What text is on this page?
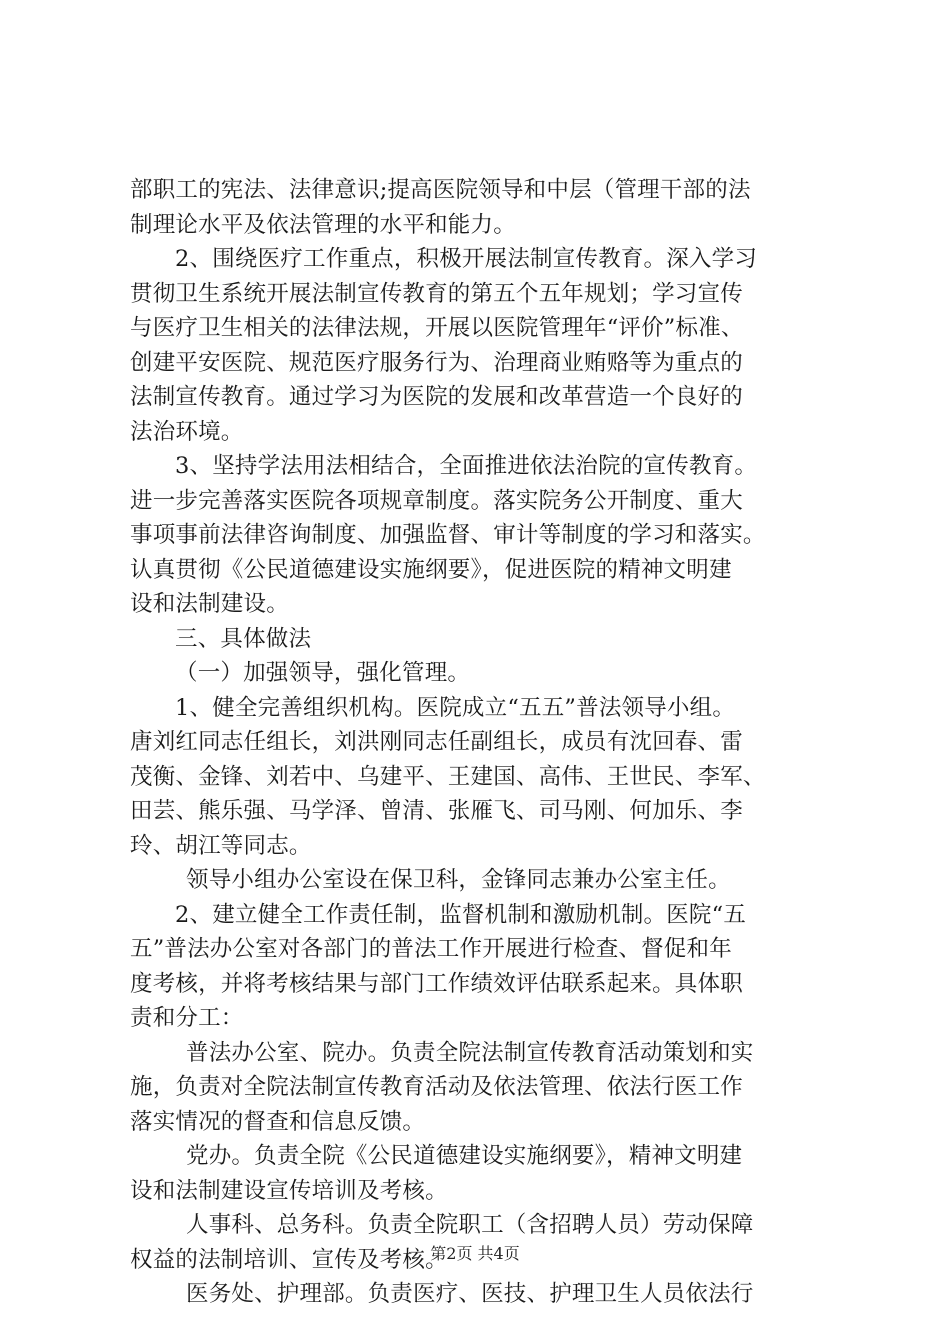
部职工的宪法、法律意识;提高医院领导和中层（管理干部的法
制理论水平及依法管理的水平和能力。
2、围绕医疗工作重点，积极开展法制宣传教育。深入学习
贯彻卫生系统开展法制宣传教育的第五个五年规划；学习宣传
与医疗卫生相关的法律法规，开展以医院管理年“评价”标准、
创建平安医院、规范医疗服务行为、治理商业贿赂等为重点的
法制宣传教育。通过学习为医院的发展和改革营造一个良好的
法治环境。
3、坚持学法用法相结合，全面推进依法治院的宣传教育。
进一步完善落实医院各项规章制度。落实院务公开制度、重大
事项事前法律咨询制度、加强监督、审计等制度的学习和落实。
认真贯彻《公民道德建设实施纲要》，促进医院的精神文明建
设和法制建设。
三、具体做法
（一）加强领导，强化管理。
1、健全完善组织机构。医院成立“五五”普法领导小组。
唐刘红同志任组长，刘洪刚同志任副组长，成员有沈回春、雷
茂衡、金锋、刘若中、乌建平、王建国、高伟、王世民、李军、
田芸、熊乐强、马学泽、曾清、张雁飞、司马刚、何加乐、李
玲、胡江等同志。
领导小组办公室设在保卫科，金锋同志兼办公室主任。
2、建立健全工作责任制，监督机制和激励机制。医院“五
五”普法办公室对各部门的普法工作开展进行检查、督促和年
度考核，并将考核结果与部门工作绩效评估联系起来。具体职
责和分工：
普法办公室、院办。负责全院法制宣传教育活动策划和实
施，负责对全院法制宣传教育活动及依法管理、依法行医工作
落实情况的督查和信息反馈。
党办。负责全院《公民道德建设实施纲要》，精神文明建
设和法制建设宣传培训及考核。
人事科、总务科。负责全院职工（含招聘人员）劳动保障
权益的法制培训、宣传及考核。
医务处、护理部。负责医疗、医技、护理卫生人员依法行
第2页 共4页
